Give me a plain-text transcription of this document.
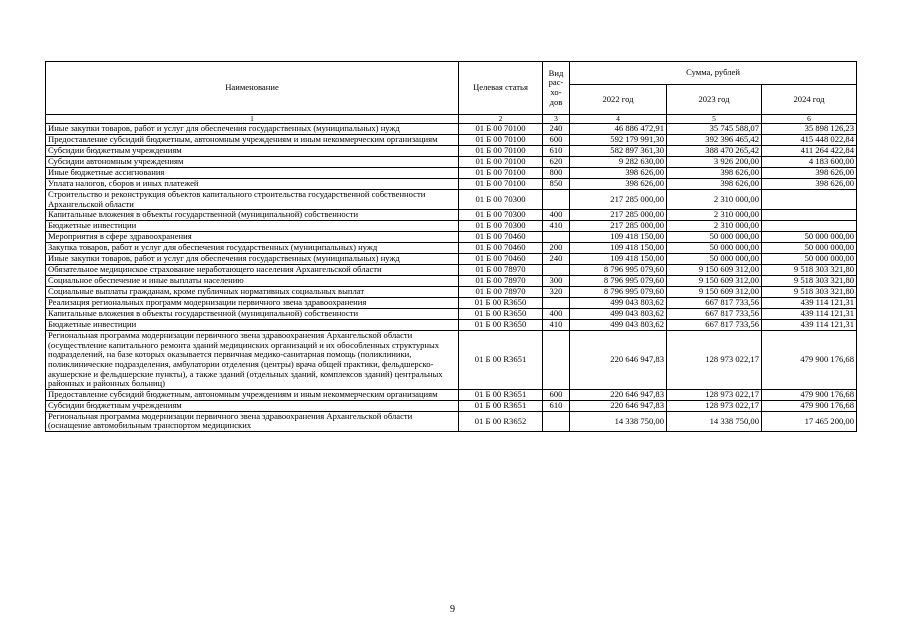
Наименование	Целевая статья	Вид
рас-
хо-
дов	Сумма, рублей		
			2022 год	2023 год	2024 год
1	2	3	4	5	6
Иные закупки товаров, работ и услуг для обеспечения государственных (муниципальных) нужд	01 Б 00 70100	240	46 886 472,91	35 745 588,07	35 898 126,23
Предоставление субсидий бюджетным, автономным учреждениям и иным некоммерческим организациям	01 Б 00 70100	600	592 179 991,30	392 396 465,42	415 448 022,84
Субсидии бюджетным учреждениям	01 Б 00 70100	610	582 897 361,30	388 470 265,42	411 264 422,84
Субсидии автономным учреждениям	01 Б 00 70100	620	9 282 630,00	3 926 200,00	4 183 600,00
Иные бюджетные ассигнования	01 Б 00 70100	800	398 626,00	398 626,00	398 626,00
Уплата налогов, сборов и иных платежей	01 Б 00 70100	850	398 626,00	398 626,00	398 626,00
Строительство и реконструкция объектов капитального строительства государственной собственности Архангельской области	01 Б 00 70300		217 285 000,00	2 310 000,00	
Капитальные вложения в объекты государственной (муниципальной) собственности	01 Б 00 70300	400	217 285 000,00	2 310 000,00	
Бюджетные инвестиции	01 Б 00 70300	410	217 285 000,00	2 310 000,00	
Мероприятия в сфере здравоохранения	01 Б 00 70460		109 418 150,00	50 000 000,00	50 000 000,00
Закупка товаров, работ и услуг для обеспечения государственных (муниципальных) нужд	01 Б 00 70460	200	109 418 150,00	50 000 000,00	50 000 000,00
Иные закупки товаров, работ и услуг для обеспечения государственных (муниципальных) нужд	01 Б 00 70460	240	109 418 150,00	50 000 000,00	50 000 000,00
Обязательное медицинское страхование неработающего населения Архангельской области	01 Б 00 78970		8 796 995 079,60	9 150 609 312,00	9 518 303 321,80
Социальное обеспечение и иные выплаты населению	01 Б 00 78970	300	8 796 995 079,60	9 150 609 312,00	9 518 303 321,80
Социальные выплаты гражданам, кроме публичных нормативных социальных выплат	01 Б 00 78970	320	8 796 995 079,60	9 150 609 312,00	9 518 303 321,80
Реализация региональных программ модернизации первичного звена здравоохранения	01 Б 00 R3650		499 043 803,62	667 817 733,56	439 114 121,31
Капитальные вложения в объекты государственной (муниципальной) собственности	01 Б 00 R3650	400	499 043 803,62	667 817 733,56	439 114 121,31
Бюджетные инвестиции	01 Б 00 R3650	410	499 043 803,62	667 817 733,56	439 114 121,31
Региональная программа модернизации первичного звена здравоохранения Архангельской области (осуществление капитального ремонта зданий медицинских организаций и их обособленных структурных подразделений, на базе которых оказывается первичная медико-санитарная помощь (поликлиники, поликлинические подразделения, амбулатории отделения (центры) врача общей практики, фельдшерско-акушерские и фельдшерские пункты), а также зданий (отдельных зданий, комплексов зданий) центральных районных и районных больниц)	01 Б 00 R3651		220 646 947,83	128 973 022,17	479 900 176,68
Предоставление субсидий бюджетным, автономным учреждениям и иным некоммерческим организациям	01 Б 00 R3651	600	220 646 947,83	128 973 022,17	479 900 176,68
Субсидии бюджетным учреждениям	01 Б 00 R3651	610	220 646 947,83	128 973 022,17	479 900 176,68
Региональная программа модернизации первичного звена здравоохранения Архангельской области (оснащение автомобильным транспортом медицинских	01 Б 00 R3652		14 338 750,00	14 338 750,00	17 465 200,00
9
